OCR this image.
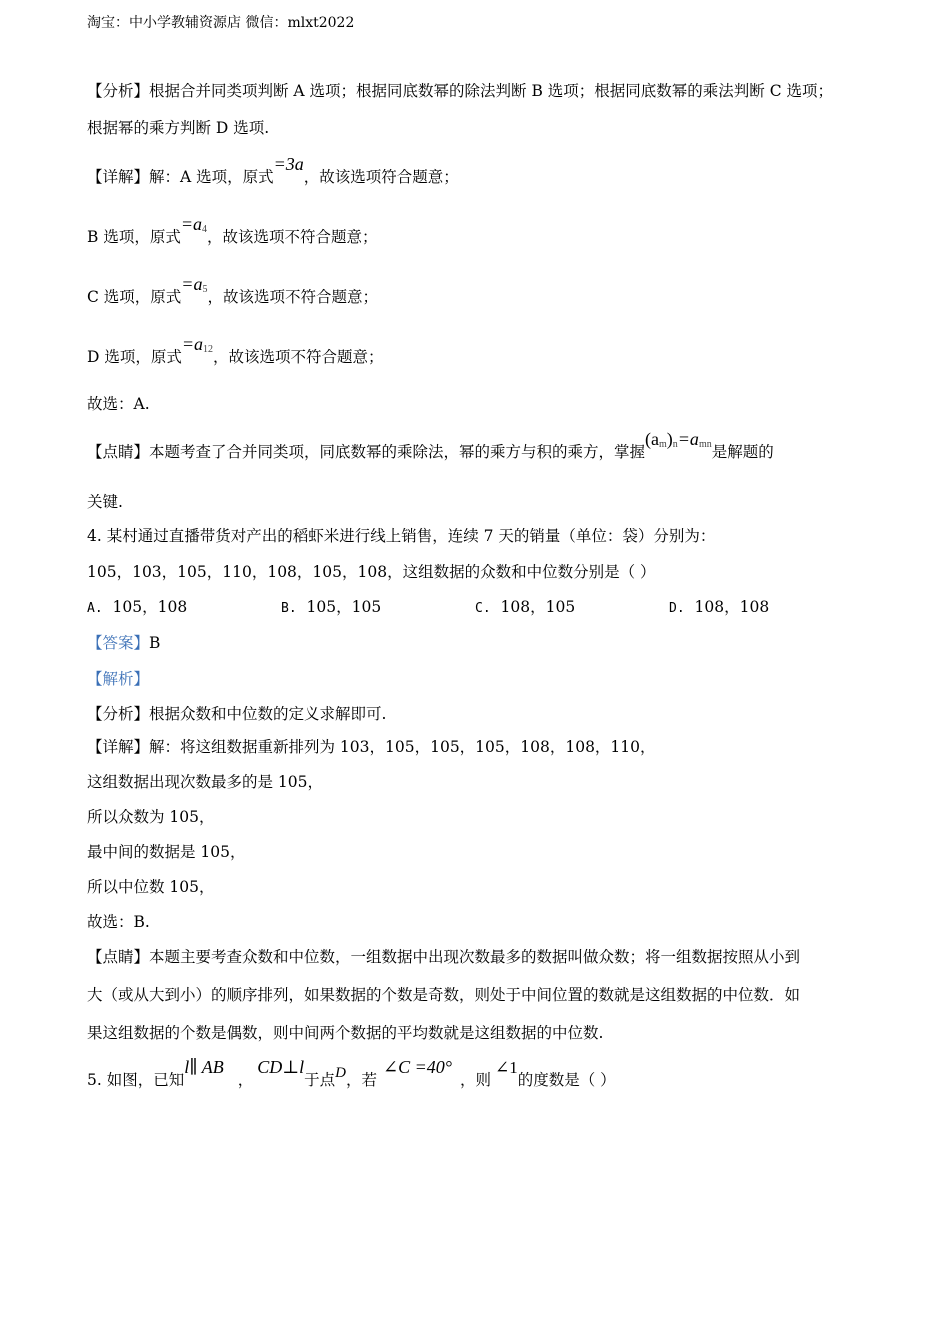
淘宝：中小学教辅资源店 微信：mlxt2022
【分析】根据合并同类项判断 A 选项；根据同底数幂的除法判断 B 选项；根据同底数幂的乘法判断 C 选项；
根据幂的乘方判断 D 选项.
【详解】解：A 选项，原式=3a，故该选项符合题意；
B 选项，原式$=a^4$，故该选项不符合题意；
C 选项，原式$=a^5$，故该选项不符合题意；
D 选项，原式$=a^{12}$，故该选项不符合题意；
故选：A.
【点睛】本题考查了合并同类项，同底数幂的乘除法，幂的乘方与积的乘方，掌握$(a^m)^n=a^{mn}$是解题的
关键.
4. 某村通过直播带货对产出的稻虾米进行线上销售，连续 7 天的销量（单位：袋）分别为：
105，103，105，110，108，105，108，这组数据的众数和中位数分别是（ ）
A. 105，108	B. 105，105	C. 108，105	D. 108，108
【答案】B
【解析】
【分析】根据众数和中位数的定义求解即可.
【详解】解：将这组数据重新排列为 103，105，105，105，108，108，110，
这组数据出现次数最多的是 105，
所以众数为 105，
最中间的数据是 105，
所以中位数 105，
故选：B.
【点睛】本题主要考查众数和中位数，一组数据中出现次数最多的数据叫做众数；将一组数据按照从小到
大（或从大到小）的顺序排列，如果数据的个数是奇数，则处于中间位置的数就是这组数据的中位数．如
果这组数据的个数是偶数，则中间两个数据的平均数就是这组数据的中位数.
5. 如图，已知l∥ AB，CD⊥l于点D，若∠C =40°，则∠1的度数是（ ）
